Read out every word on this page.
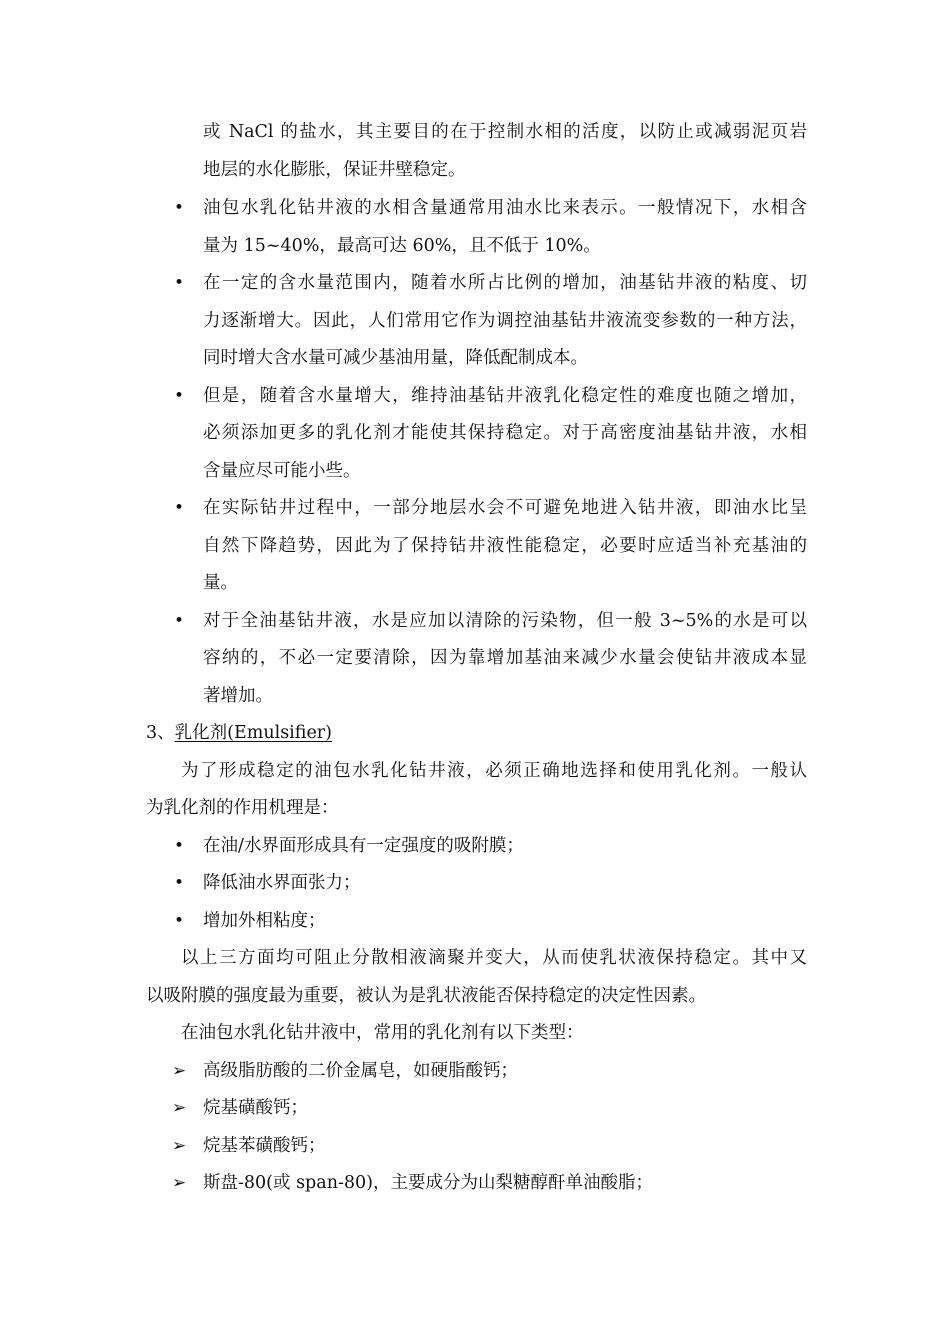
或 NaCl 的盐水，其主要目的在于控制水相的活度，以防止或减弱泥页岩
地层的水化膨胀，保证井壁稳定。
• 油包水乳化钻井液的水相含量通常用油水比来表示。一般情况下，水相含
量为 15~40%，最高可达 60%，且不低于 10%。
• 在一定的含水量范围内，随着水所占比例的增加，油基钻井液的粘度、切
力逐渐增大。因此，人们常用它作为调控油基钻井液流变参数的一种方法，
同时增大含水量可减少基油用量，降低配制成本。
• 但是，随着含水量增大，维持油基钻井液乳化稳定性的难度也随之增加，
必须添加更多的乳化剂才能使其保持稳定。对于高密度油基钻井液，水相
含量应尽可能小些。
• 在实际钻井过程中，一部分地层水会不可避免地进入钻井液，即油水比呈
自然下降趋势，因此为了保持钻井液性能稳定，必要时应适当补充基油的
量。
• 对于全油基钻井液，水是应加以清除的污染物，但一般 3~5%的水是可以
容纳的，不必一定要清除，因为靠增加基油来减少水量会使钻井液成本显
著增加。
3、乳化剂(Emulsifier)
为了形成稳定的油包水乳化钻井液，必须正确地选择和使用乳化剂。一般认
为乳化剂的作用机理是：
• 在油/水界面形成具有一定强度的吸附膜；
• 降低油水界面张力；
• 增加外相粘度；
以上三方面均可阻止分散相液滴聚并变大，从而使乳状液保持稳定。其中又
以吸附膜的强度最为重要，被认为是乳状液能否保持稳定的决定性因素。
在油包水乳化钻井液中，常用的乳化剂有以下类型：
➢ 高级脂肪酸的二价金属皂，如硬脂酸钙；
➢ 烷基磺酸钙；
➢ 烷基苯磺酸钙；
➢ 斯盘-80(或 span-80)，主要成分为山梨糖醇酐单油酸脂；
